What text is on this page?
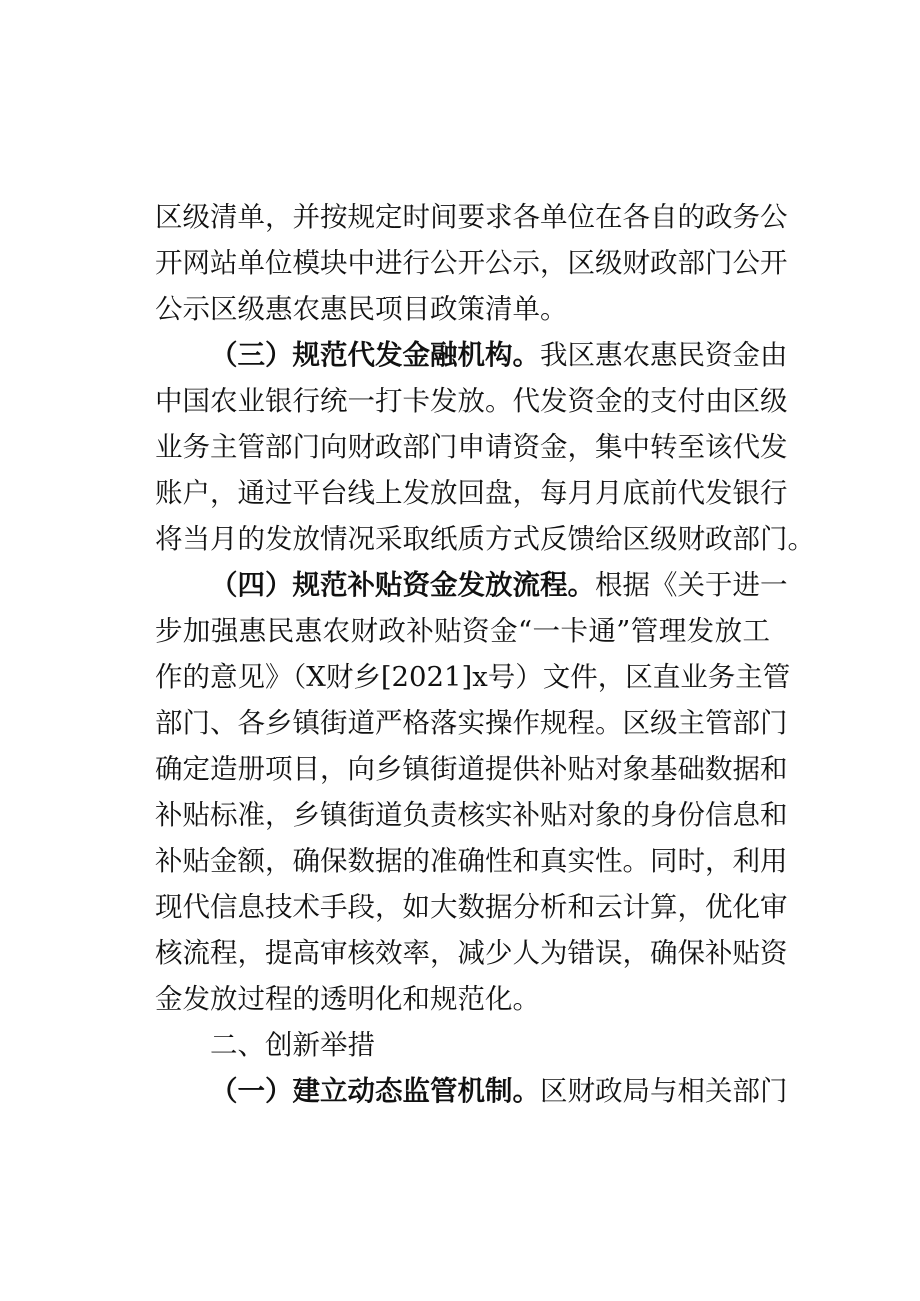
区级清单，并按规定时间要求各单位在各自的政务公
开网站单位模块中进行公开公示，区级财政部门公开
公示区级惠农惠民项目政策清单。
（三）规范代发金融机构。我区惠农惠民资金由
中国农业银行统一打卡发放。代发资金的支付由区级
业务主管部门向财政部门申请资金，集中转至该代发
账户，通过平台线上发放回盘，每月月底前代发银行
将当月的发放情况采取纸质方式反馈给区级财政部门。
（四）规范补贴资金发放流程。根据《关于进一
步加强惠民惠农财政补贴资金“一卡通”管理发放工
作的意见》（X财乡[2021]x号）文件，区直业务主管
部门、各乡镇街道严格落实操作规程。区级主管部门
确定造册项目，向乡镇街道提供补贴对象基础数据和
补贴标准，乡镇街道负责核实补贴对象的身份信息和
补贴金额，确保数据的准确性和真实性。同时，利用
现代信息技术手段，如大数据分析和云计算，优化审
核流程，提高审核效率，减少人为错误，确保补贴资
金发放过程的透明化和规范化。
二、创新举措
（一）建立动态监管机制。区财政局与相关部门
